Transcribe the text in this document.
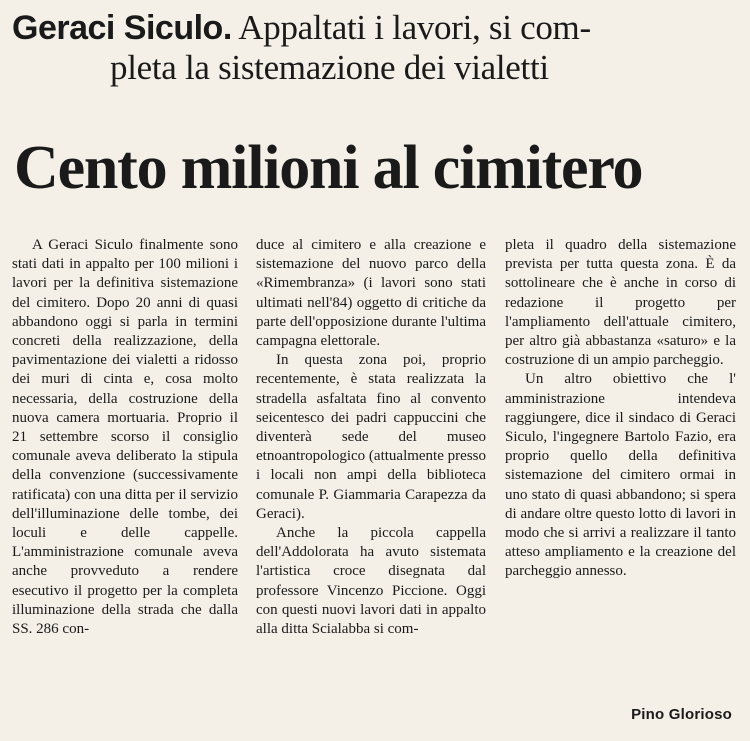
Geraci Siculo. Appaltati i lavori, si com-
pleta la sistemazione dei vialetti
Cento milioni al cimitero

A Geraci Siculo finalmente sono stati dati in appalto per 100 milioni i lavori per la definitiva sistemazione del cimitero. Dopo 20 anni di quasi abbandono oggi si parla in termini concreti della realizzazione, della pavimentazione dei vialetti a ridosso dei muri di cinta e, cosa molto necessaria, della costruzione della nuova camera mortuaria. Proprio il 21 settembre scorso il consiglio comunale aveva deliberato la stipula della convenzione (successivamente ratificata) con una ditta per il servizio dell'illuminazione delle tombe, dei loculi e delle cappelle. L'amministrazione comunale aveva anche provveduto a rendere esecutivo il progetto per la completa illuminazione della strada che dalla SS. 286 con-

duce al cimitero e alla creazione e sistemazione del nuovo parco della «Rimembranza» (i lavori sono stati ultimati nell'84) oggetto di critiche da parte dell'opposizione durante l'ultima campagna elettorale.

In questa zona poi, proprio recentemente, è stata realizzata la stradella asfaltata fino al convento seicentesco dei padri cappuccini che diventerà sede del museo etnoantropologico (attualmente presso i locali non ampi della biblioteca comunale P. Giammaria Carapezza da Geraci).

Anche la piccola cappella dell'Addolorata ha avuto sistemata l'artistica croce disegnata dal professore Vincenzo Piccione. Oggi con questi nuovi lavori dati in appalto alla ditta Scialabba si com-

pleta il quadro della sistemazione prevista per tutta questa zona. È da sottolineare che è anche in corso di redazione il progetto per l'ampliamento dell'attuale cimitero, per altro già abbastanza «saturo» e la costruzione di un ampio parcheggio.

Un altro obiettivo che l' amministrazione intendeva raggiungere, dice il sindaco di Geraci Siculo, l'ingegnere Bartolo Fazio, era proprio quello della definitiva sistemazione del cimitero ormai in uno stato di quasi abbandono; si spera di andare oltre questo lotto di lavori in modo che si arrivi a realizzare il tanto atteso ampliamento e la creazione del parcheggio annesso.

Pino Glorioso
